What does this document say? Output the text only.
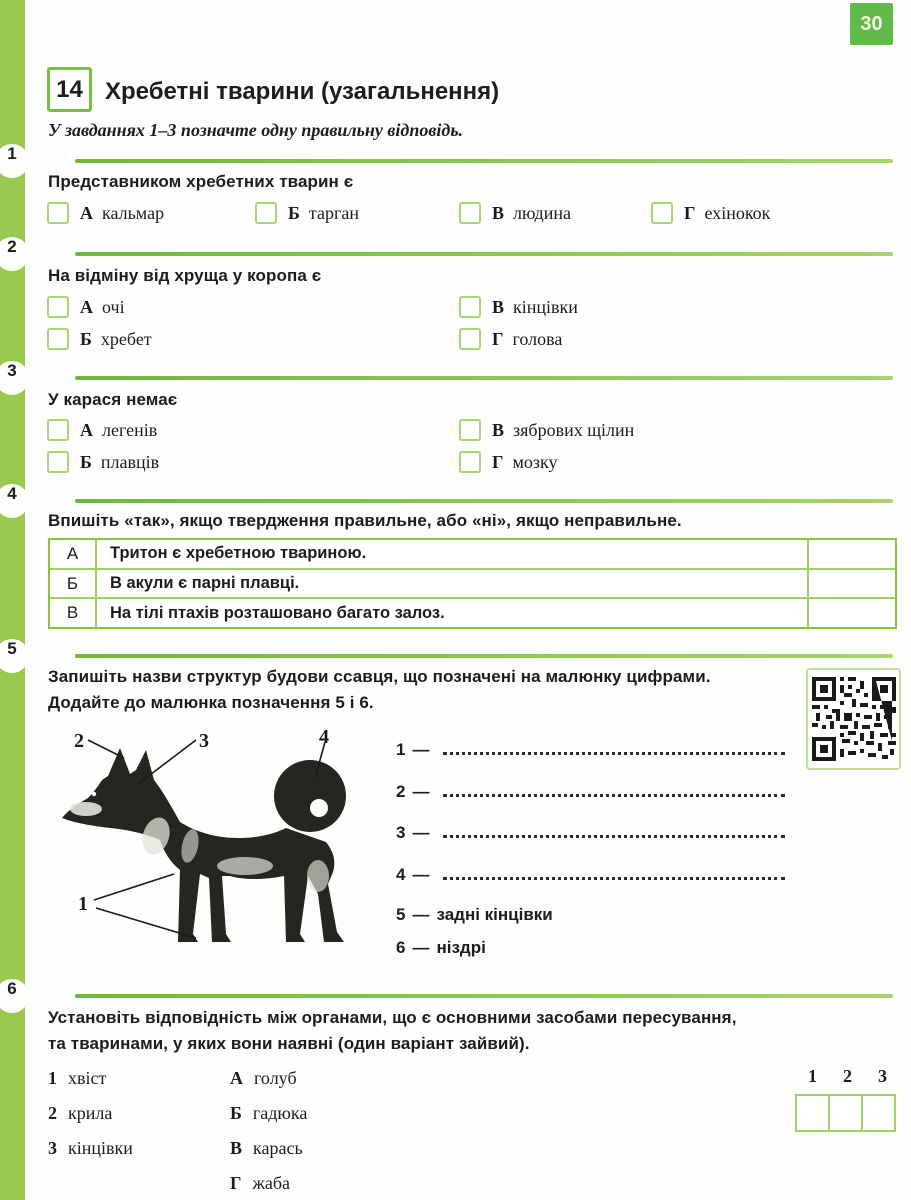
30
14 Хребетні тварини (узагальнення)
У завданнях 1–3 позначте одну правильну відповідь.
1
Представником хребетних тварин є
А кальмар	Б тарган	В людина	Г ехінокок
2
На відміну від хруща у коропа є
А очі
Б хребет
В кінцівки
Г голова
3
У карася немає
А легенів
Б плавців
В зябрових щілин
Г мозку
4
Впишіть «так», якщо твердження правильне, або «ні», якщо неправильне.
А	Тритон є хребетною твариною.
Б	В акули є парні плавці.
В	На тілі птахів розташовано багато залоз.
5
Запишіть назви структур будови ссавця, що позначені на малюнку цифрами.
Додайте до малюнка позначення 5 і 6.
2	3	4
1
1 —
2 —
3 —
4 —
5 — задні кінцівки
6 — ніздрі
6
Установіть відповідність між органами, що є основними засобами пересування,
та тваринами, у яких вони наявні (один варіант зайвий).
1 хвіст
2 крила
3 кінцівки
А голуб
Б гадюка
В карась
Г жаба
1	2	3
